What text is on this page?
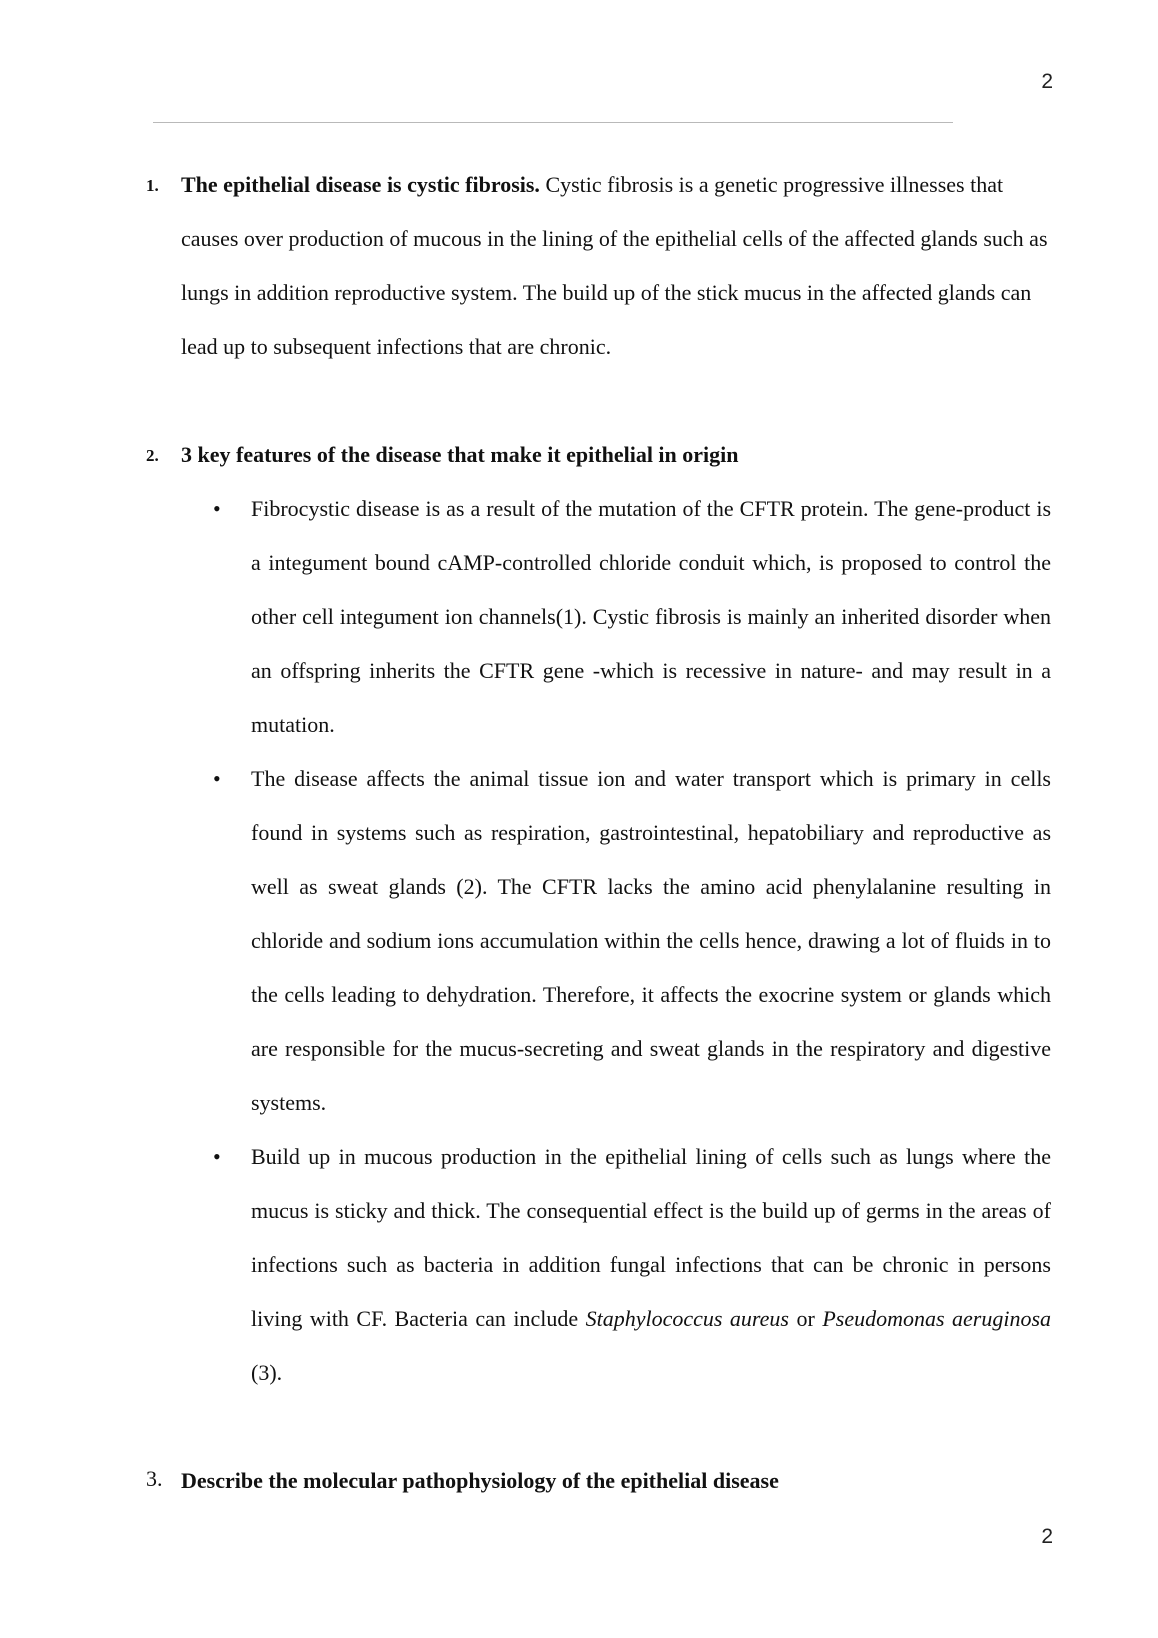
2
1. The epithelial disease is cystic fibrosis. Cystic fibrosis is a genetic progressive illnesses that causes over production of mucous in the lining of the epithelial cells of the affected glands such as lungs in addition reproductive system. The build up of the stick mucus in the affected glands can lead up to subsequent infections that are chronic.
2. 3 key features of the disease that make it epithelial in origin
• Fibrocystic disease is as a result of the mutation of the CFTR protein. The gene-product is a integument bound cAMP-controlled chloride conduit which, is proposed to control the other cell integument ion channels(1). Cystic fibrosis is mainly an inherited disorder when an offspring inherits the CFTR gene -which is recessive in nature- and may result in a mutation.
• The disease affects the animal tissue ion and water transport which is primary in cells found in systems such as respiration, gastrointestinal, hepatobiliary and reproductive as well as sweat glands (2). The CFTR lacks the amino acid phenylalanine resulting in chloride and sodium ions accumulation within the cells hence, drawing a lot of fluids in to the cells leading to dehydration. Therefore, it affects the exocrine system or glands which are responsible for the mucus-secreting and sweat glands in the respiratory and digestive systems.
• Build up in mucous production in the epithelial lining of cells such as lungs where the mucus is sticky and thick. The consequential effect is the build up of germs in the areas of infections such as bacteria in addition fungal infections that can be chronic in persons living with CF. Bacteria can include Staphylococcus aureus or Pseudomonas aeruginosa (3).
3. Describe the molecular pathophysiology of the epithelial disease
2
